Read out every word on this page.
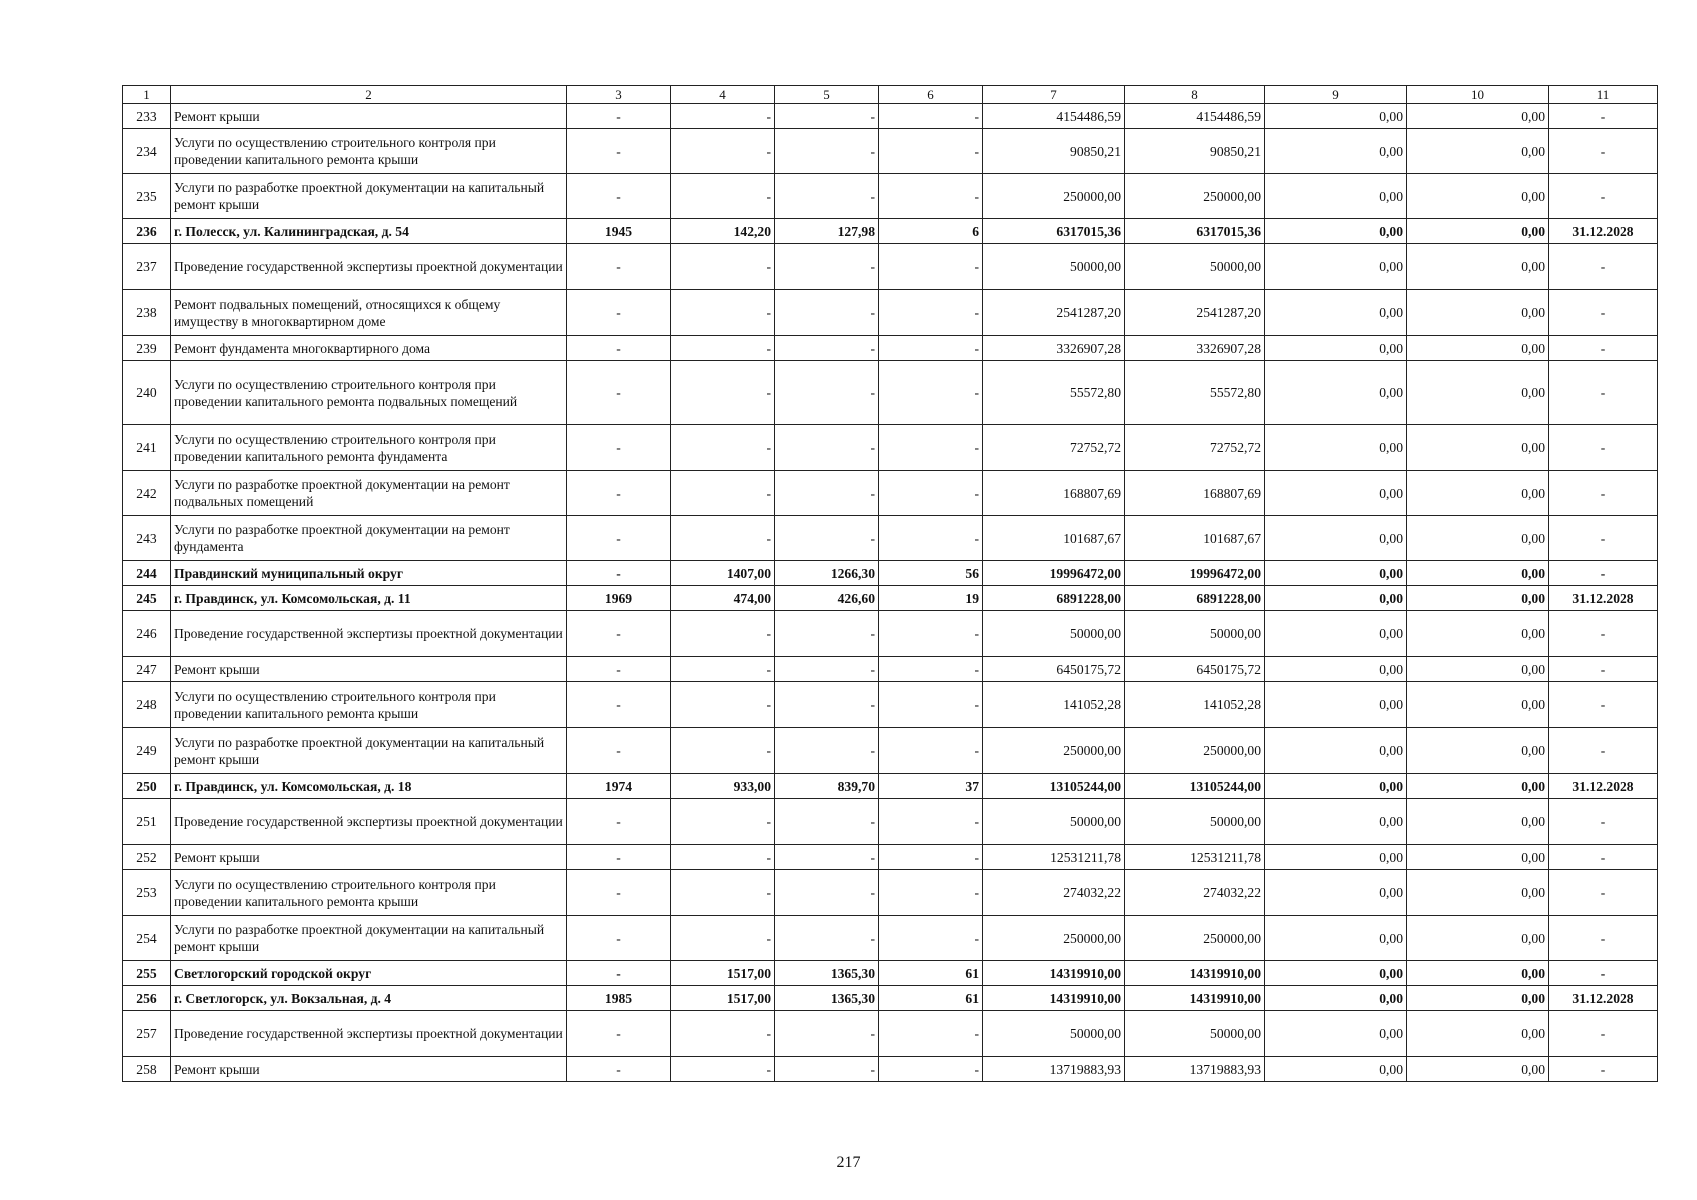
1	2	3	4	5	6	7	8	9	10	11
233	Ремонт крыши	-	-	-	-	4154486,59	4154486,59	0,00	0,00	-
234	Услуги по осуществлению строительного контроля при проведении капитального ремонта крыши	-	-	-	-	90850,21	90850,21	0,00	0,00	-
235	Услуги по разработке проектной документации на капитальный ремонт крыши	-	-	-	-	250000,00	250000,00	0,00	0,00	-
236	г. Полесск, ул. Калининградская, д. 54	1945	142,20	127,98	6	6317015,36	6317015,36	0,00	0,00	31.12.2028
237	Проведение государственной экспертизы проектной документации	-	-	-	-	50000,00	50000,00	0,00	0,00	-
238	Ремонт подвальных помещений, относящихся к общему имуществу в многоквартирном доме	-	-	-	-	2541287,20	2541287,20	0,00	0,00	-
239	Ремонт фундамента многоквартирного дома	-	-	-	-	3326907,28	3326907,28	0,00	0,00	-
240	Услуги по осуществлению строительного контроля при проведении капитального ремонта подвальных помещений	-	-	-	-	55572,80	55572,80	0,00	0,00	-
241	Услуги по осуществлению строительного контроля при проведении капитального ремонта фундамента	-	-	-	-	72752,72	72752,72	0,00	0,00	-
242	Услуги по разработке проектной документации на ремонт подвальных помещений	-	-	-	-	168807,69	168807,69	0,00	0,00	-
243	Услуги по разработке проектной документации на ремонт фундамента	-	-	-	-	101687,67	101687,67	0,00	0,00	-
244	Правдинский муниципальный округ	-	1407,00	1266,30	56	19996472,00	19996472,00	0,00	0,00	-
245	г. Правдинск, ул. Комсомольская, д. 11	1969	474,00	426,60	19	6891228,00	6891228,00	0,00	0,00	31.12.2028
246	Проведение государственной экспертизы проектной документации	-	-	-	-	50000,00	50000,00	0,00	0,00	-
247	Ремонт крыши	-	-	-	-	6450175,72	6450175,72	0,00	0,00	-
248	Услуги по осуществлению строительного контроля при проведении капитального ремонта крыши	-	-	-	-	141052,28	141052,28	0,00	0,00	-
249	Услуги по разработке проектной документации на капитальный ремонт крыши	-	-	-	-	250000,00	250000,00	0,00	0,00	-
250	г. Правдинск, ул. Комсомольская, д. 18	1974	933,00	839,70	37	13105244,00	13105244,00	0,00	0,00	31.12.2028
251	Проведение государственной экспертизы проектной документации	-	-	-	-	50000,00	50000,00	0,00	0,00	-
252	Ремонт крыши	-	-	-	-	12531211,78	12531211,78	0,00	0,00	-
253	Услуги по осуществлению строительного контроля при проведении капитального ремонта крыши	-	-	-	-	274032,22	274032,22	0,00	0,00	-
254	Услуги по разработке проектной документации на капитальный ремонт крыши	-	-	-	-	250000,00	250000,00	0,00	0,00	-
255	Светлогорский городской округ	-	1517,00	1365,30	61	14319910,00	14319910,00	0,00	0,00	-
256	г. Светлогорск, ул. Вокзальная, д. 4	1985	1517,00	1365,30	61	14319910,00	14319910,00	0,00	0,00	31.12.2028
257	Проведение государственной экспертизы проектной документации	-	-	-	-	50000,00	50000,00	0,00	0,00	-
258	Ремонт крыши	-	-	-	-	13719883,93	13719883,93	0,00	0,00	-
217
